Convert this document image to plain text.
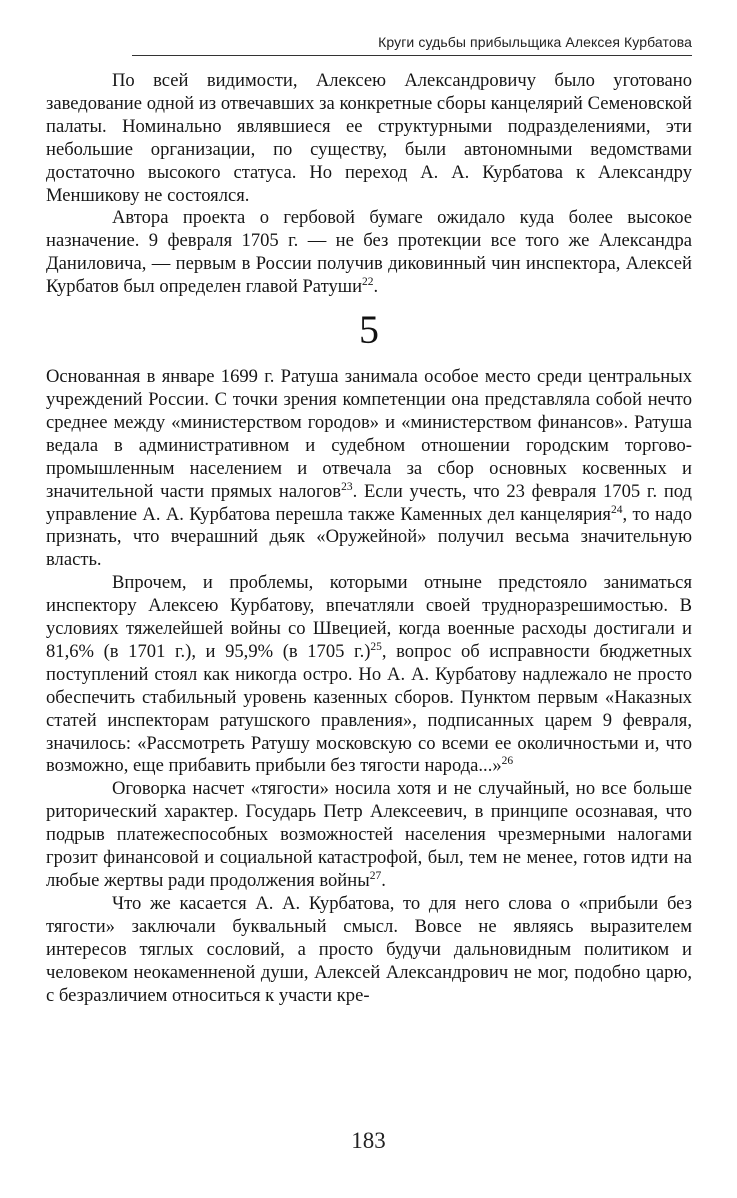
Круги судьбы прибыльщика Алексея Курбатова

По всей видимости, Алексею Александровичу было уготовано заведование одной из отвечавших за конкретные сборы канцелярий Семеновской палаты. Номинально являвшиеся ее структурными подразделениями, эти небольшие организации, по существу, были автономными ведомствами достаточно высокого статуса. Но переход А. А. Курбатова к Александру Меншикову не состоялся.

Автора проекта о гербовой бумаге ожидало куда более высокое назначение. 9 февраля 1705 г. — не без протекции все того же Александра Даниловича, — первым в России получив диковинный чин инспектора, Алексей Курбатов был определен главой Ратуши$^{22}$.

5

Основанная в январе 1699 г. Ратуша занимала особое место среди центральных учреждений России. С точки зрения компетенции она представляла собой нечто среднее между «министерством городов» и «министерством финансов». Ратуша ведала в административном и судебном отношении городским торгово-промышленным населением и отвечала за сбор основных косвенных и значительной части прямых налогов$^{23}$. Если учесть, что 23 февраля 1705 г. под управление А. А. Курбатова перешла также Каменных дел канцелярия$^{24}$, то надо признать, что вчерашний дьяк «Оружейной» получил весьма значительную власть.

Впрочем, и проблемы, которыми отныне предстояло заниматься инспектору Алексею Курбатову, впечатляли своей трудноразрешимостью. В условиях тяжелейшей войны со Швецией, когда военные расходы достигали и 81,6% (в 1701 г.), и 95,9% (в 1705 г.)$^{25}$, вопрос об исправности бюджетных поступлений стоял как никогда остро. Но А. А. Курбатову надлежало не просто обеспечить стабильный уровень казенных сборов. Пунктом первым «Наказных статей инспекторам ратушского правления», подписанных царем 9 февраля, значилось: «Рассмотреть Ратушу московскую со всеми ее околичностьми и, что возможно, еще прибавить прибыли без тягости народа...»$^{26}$

Оговорка насчет «тягости» носила хотя и не случайный, но все больше риторический характер. Государь Петр Алексеевич, в принципе осознавая, что подрыв платежеспособных возможностей населения чрезмерными налогами грозит финансовой и социальной катастрофой, был, тем не менее, готов идти на любые жертвы ради продолжения войны$^{27}$.

Что же касается А. А. Курбатова, то для него слова о «прибыли без тягости» заключали буквальный смысл. Вовсе не являясь выразителем интересов тяглых сословий, а просто будучи дальновидным политиком и человеком неокаменненой души, Алексей Александрович не мог, подобно царю, с безразличием относиться к участи кре-

183
